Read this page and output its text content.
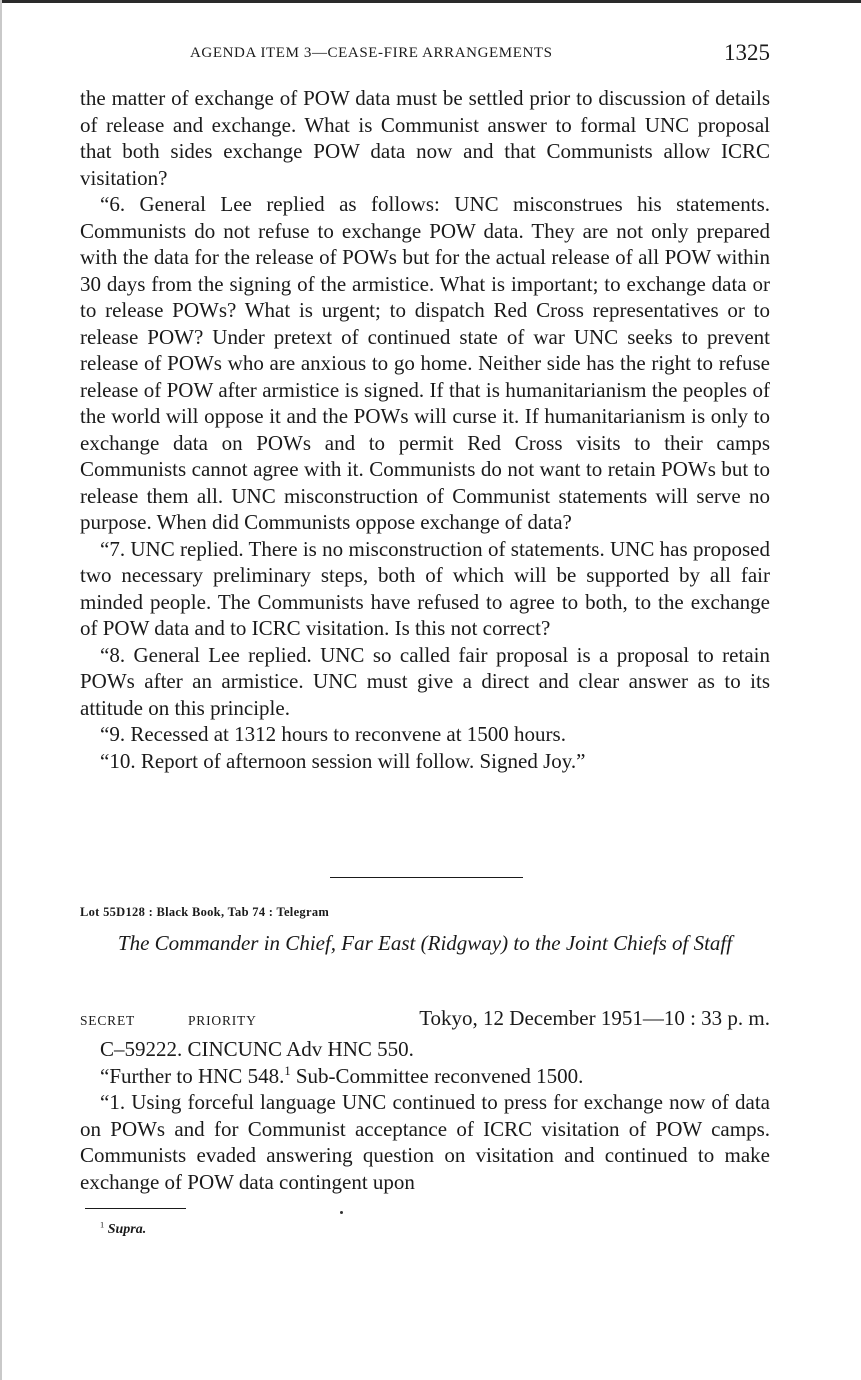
AGENDA ITEM 3—CEASE-FIRE ARRANGEMENTS	1325

the matter of exchange of POW data must be settled prior to discussion of details of release and exchange. What is Communist answer to formal UNC proposal that both sides exchange POW data now and that Communists allow ICRC visitation?

“6. General Lee replied as follows: UNC misconstrues his statements. Communists do not refuse to exchange POW data. They are not only prepared with the data for the release of POWs but for the actual release of all POW within 30 days from the signing of the armistice. What is important; to exchange data or to release POWs? What is urgent; to dispatch Red Cross representatives or to release POW? Under pretext of continued state of war UNC seeks to prevent release of POWs who are anxious to go home. Neither side has the right to refuse release of POW after armistice is signed. If that is humanitarianism the peoples of the world will oppose it and the POWs will curse it. If humanitarianism is only to exchange data on POWs and to permit Red Cross visits to their camps Communists cannot agree with it. Communists do not want to retain POWs but to release them all. UNC misconstruction of Communist statements will serve no purpose. When did Communists oppose exchange of data?

“7. UNC replied. There is no misconstruction of statements. UNC has proposed two necessary preliminary steps, both of which will be supported by all fair minded people. The Communists have refused to agree to both, to the exchange of POW data and to ICRC visitation. Is this not correct?

“8. General Lee replied. UNC so called fair proposal is a proposal to retain POWs after an armistice. UNC must give a direct and clear answer as to its attitude on this principle.

“9. Recessed at 1312 hours to reconvene at 1500 hours.

“10. Report of afternoon session will follow. Signed Joy.”

Lot 55D128 : Black Book, Tab 74 : Telegram
The Commander in Chief, Far East (Ridgway) to the Joint Chiefs of Staff
SECRET	PRIORITY	Tokyo, 12 December 1951—10 : 33 p. m.

C–59222. CINCUNC Adv HNC 550.

“Further to HNC 548.$^1$ Sub-Committee reconvened 1500.

“1. Using forceful language UNC continued to press for exchange now of data on POWs and for Communist acceptance of ICRC visitation of POW camps. Communists evaded answering question on visitation and continued to make exchange of POW data contingent upon

$^1$ Supra.
